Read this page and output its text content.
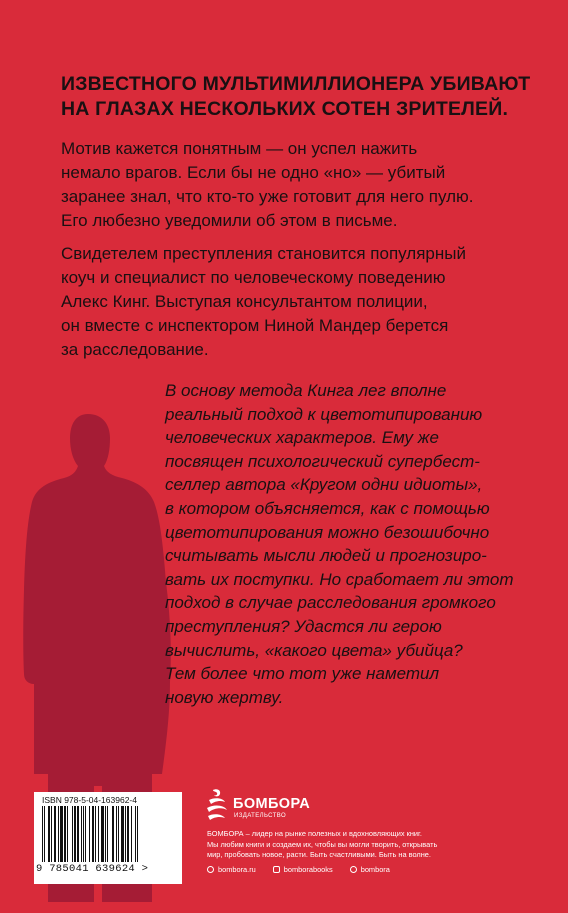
ИЗВЕСТНОГО МУЛЬТИМИЛЛИОНЕРА УБИВАЮТ
НА ГЛАЗАХ НЕСКОЛЬКИХ СОТЕН ЗРИТЕЛЕЙ.
Мотив кажется понятным — он успел нажить
немало врагов. Если бы не одно «но» — убитый
заранее знал, что кто-то уже готовит для него пулю.
Его любезно уведомили об этом в письме.
Свидетелем преступления становится популярный
коуч и специалист по человеческому поведению
Алекс Кинг. Выступая консультантом полиции,
он вместе с инспектором Ниной Мандер берется
за расследование.
В основу метода Кинга лег вполне
реальный подход к цветотипированию
человеческих характеров. Ему же
посвящен психологический супербест-
селлер автора «Кругом одни идиоты»,
в котором объясняется, как с помощью
цветотипирования можно безошибочно
считывать мысли людей и прогнозиро-
вать их поступки. Но сработает ли этот
подход в случае расследования громкого
преступления? Удастся ли герою
вычислить, «какого цвета» убийца?
Тем более что тот уже наметил
новую жертву.
ISBN 978-5-04-163962-4
9 785041 639624 >
БОМБОРА
ИЗДАТЕЛЬСТВО
БОМБОРА – лидер на рынке полезных и вдохновляющих книг.
Мы любим книги и создаем их, чтобы вы могли творить, открывать
мир, пробовать новое, расти. Быть счастливыми. Быть на волне.
bombora.ru	bomborabooks	bombora
